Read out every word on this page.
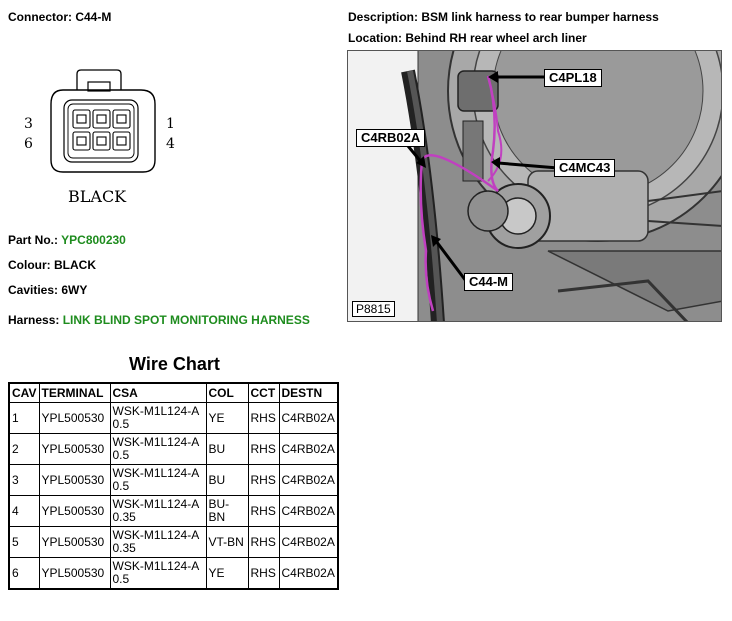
Connector: C44-M
3
6
1
4
BLACK
Part No.: YPC800230
Colour: BLACK
Cavities: 6WY
Harness: LINK BLIND SPOT MONITORING HARNESS
Description: BSM link harness to rear bumper harness
Location: Behind RH rear wheel arch liner
C4PL18
C4RB02A
C4MC43
C44-M
P8815
Wire Chart
CAV	TERMINAL	CSA	COL	CCT	DESTN
1	YPL500530	WSK-M1L124-A 0.5	YE	RHS	C4RB02A
2	YPL500530	WSK-M1L124-A 0.5	BU	RHS	C4RB02A
3	YPL500530	WSK-M1L124-A 0.5	BU	RHS	C4RB02A
4	YPL500530	WSK-M1L124-A 0.35	BU-BN	RHS	C4RB02A
5	YPL500530	WSK-M1L124-A 0.35	VT-BN	RHS	C4RB02A
6	YPL500530	WSK-M1L124-A 0.5	YE	RHS	C4RB02A
